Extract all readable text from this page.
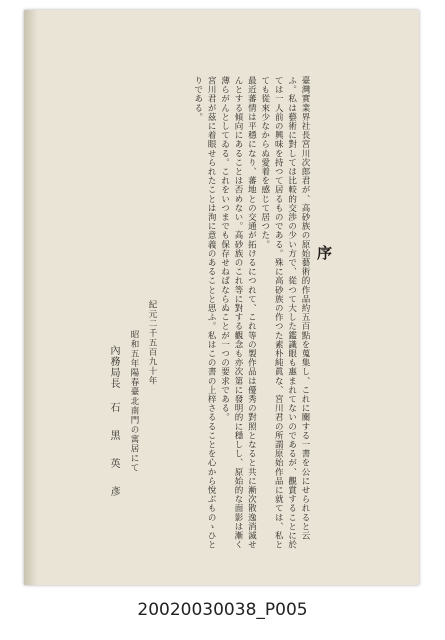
序
臺灣實業界社長宮川次郎君が、高砂族の原始藝術的作品約五百點を蒐集し、これに關する一書を公にせられると云ふ。私は藝術に對しては比較的交渉の少い方で、從つて大した鑑識眼も惠まれてないのであるが、觀賞することに於ては一人前の興味を持つて居るものである。殊に高砂族の作つた素朴純眞な、宮川君の所謂原始作品に就ては、私とても從來少なからぬ愛着を感じて居つた。
最近蕃情は平穩になり、蕃地との交通が拓けるにつれて、これ等の製作品は優秀の對照となると共に漸次散逸消滅せんとする傾向にあることは否めない。高砂族のこれ等に對する觀念も亦次第に發明的に穩しし、原始的な面影は漸く薄らがんとしてゐる。これをいつまでも保存せねばならぬことが一つの要求である。
宮川君が茲に着眼せられたことは洵に意義のあることと思ふ。私はこの書の上梓さるることを心から悅ぶものゝひとりである。
紀元二千五百九十年
昭和五年陽春臺北南門の寓居にて
內務局長
石　黑　英　彥
20020030038_P005
